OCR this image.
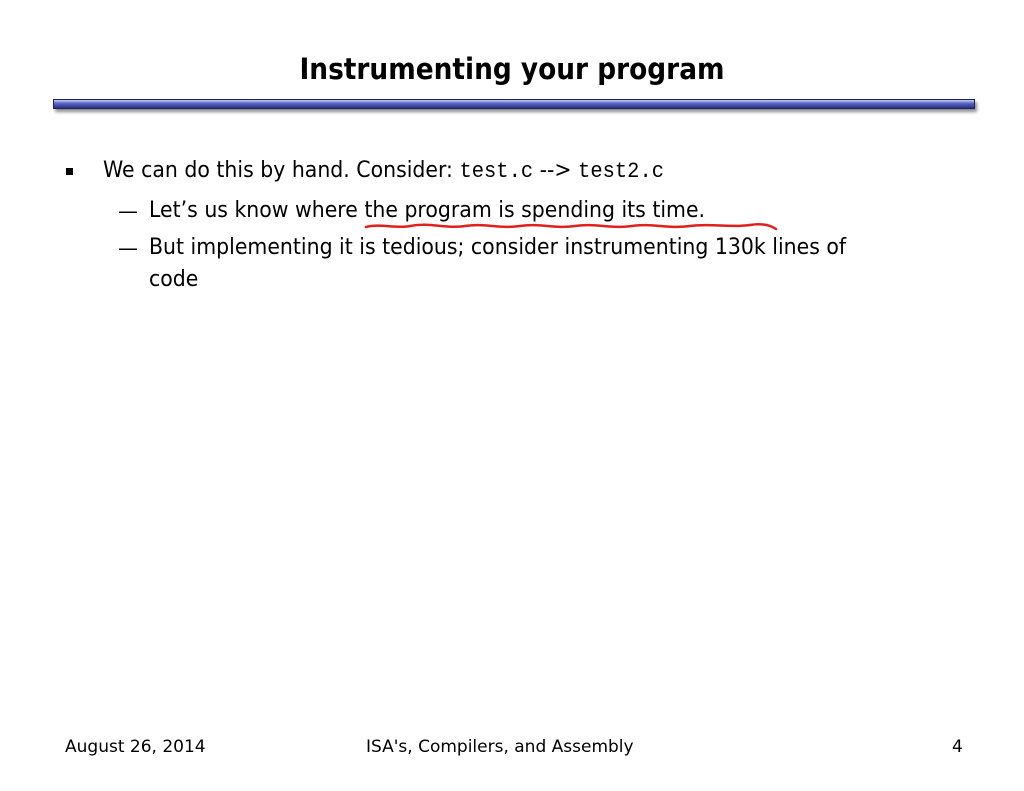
Instrumenting your program
We can do this by hand. Consider: test.c --> test2.c
— Let’s us know where the program is spending its time.
— But implementing it is tedious; consider instrumenting 130k lines of
code
August 26, 2014	ISA's, Compilers, and Assembly	4
